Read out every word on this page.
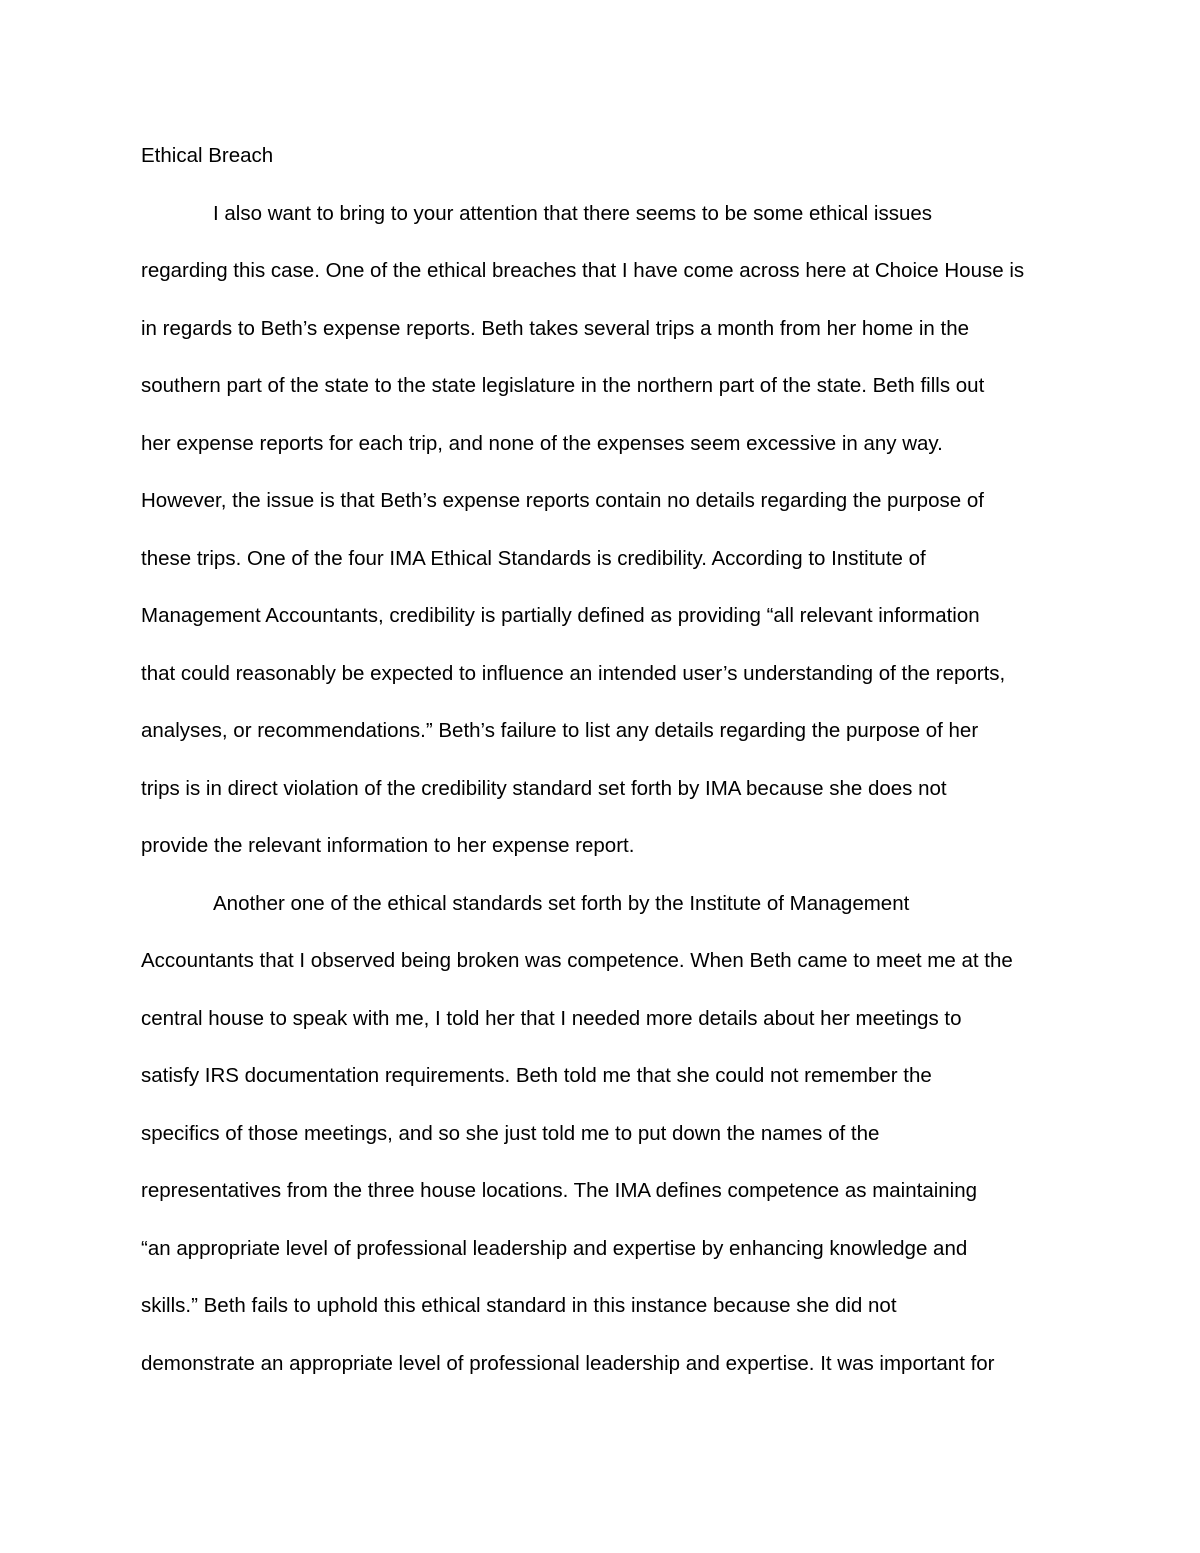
Ethical Breach
I also want to bring to your attention that there seems to be some ethical issues
regarding this case. One of the ethical breaches that I have come across here at Choice House is
in regards to Beth’s expense reports. Beth takes several trips a month from her home in the
southern part of the state to the state legislature in the northern part of the state. Beth fills out
her expense reports for each trip, and none of the expenses seem excessive in any way.
However, the issue is that Beth’s expense reports contain no details regarding the purpose of
these trips. One of the four IMA Ethical Standards is credibility. According to Institute of
Management Accountants, credibility is partially defined as providing “all relevant information
that could reasonably be expected to influence an intended user’s understanding of the reports,
analyses, or recommendations.” Beth’s failure to list any details regarding the purpose of her
trips is in direct violation of the credibility standard set forth by IMA because she does not
provide the relevant information to her expense report.
Another one of the ethical standards set forth by the Institute of Management
Accountants that I observed being broken was competence. When Beth came to meet me at the
central house to speak with me, I told her that I needed more details about her meetings to
satisfy IRS documentation requirements. Beth told me that she could not remember the
specifics of those meetings, and so she just told me to put down the names of the
representatives from the three house locations. The IMA defines competence as maintaining
“an appropriate level of professional leadership and expertise by enhancing knowledge and
skills.” Beth fails to uphold this ethical standard in this instance because she did not
demonstrate an appropriate level of professional leadership and expertise. It was important for
